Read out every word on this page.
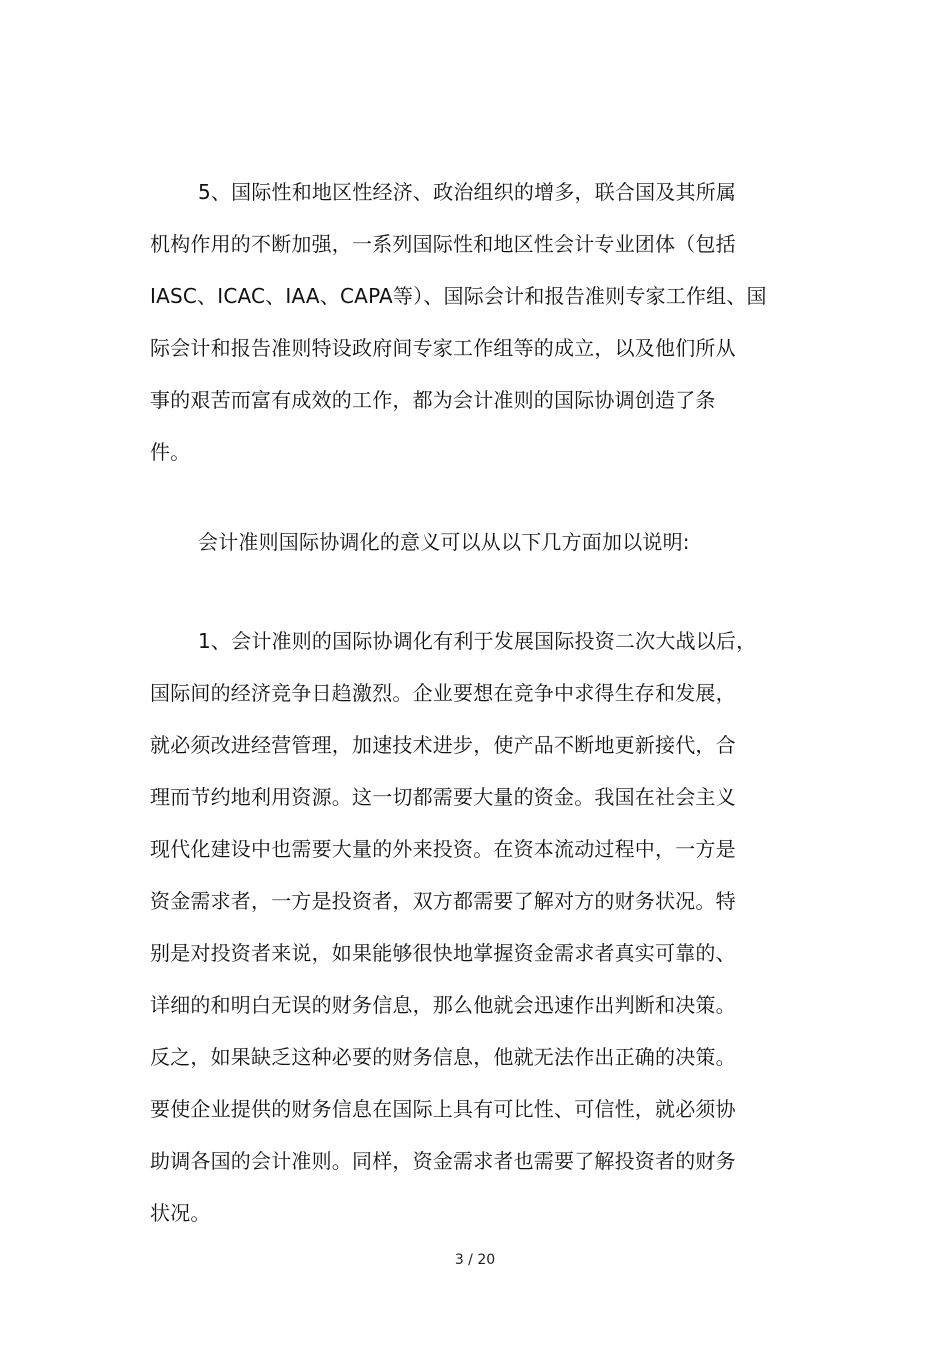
5、国际性和地区性经济、政治组织的增多，联合国及其所属
机构作用的不断加强，一系列国际性和地区性会计专业团体（包括
IASC、ICAC、IAA、CAPA等）、国际会计和报告准则专家工作组、国
际会计和报告准则特设政府间专家工作组等的成立，以及他们所从
事的艰苦而富有成效的工作，都为会计准则的国际协调创造了条
件。
会计准则国际协调化的意义可以从以下几方面加以说明:
1、会计准则的国际协调化有利于发展国际投资二次大战以后，
国际间的经济竞争日趋激烈。企业要想在竞争中求得生存和发展，
就必须改进经营管理，加速技术进步，使产品不断地更新接代，合
理而节约地利用资源。这一切都需要大量的资金。我国在社会主义
现代化建设中也需要大量的外来投资。在资本流动过程中，一方是
资金需求者，一方是投资者，双方都需要了解对方的财务状况。特
别是对投资者来说，如果能够很快地掌握资金需求者真实可靠的、
详细的和明白无误的财务信息，那么他就会迅速作出判断和决策。
反之，如果缺乏这种必要的财务信息，他就无法作出正确的决策。
要使企业提供的财务信息在国际上具有可比性、可信性，就必须协
助调各国的会计准则。同样，资金需求者也需要了解投资者的财务
状况。
3 / 20
